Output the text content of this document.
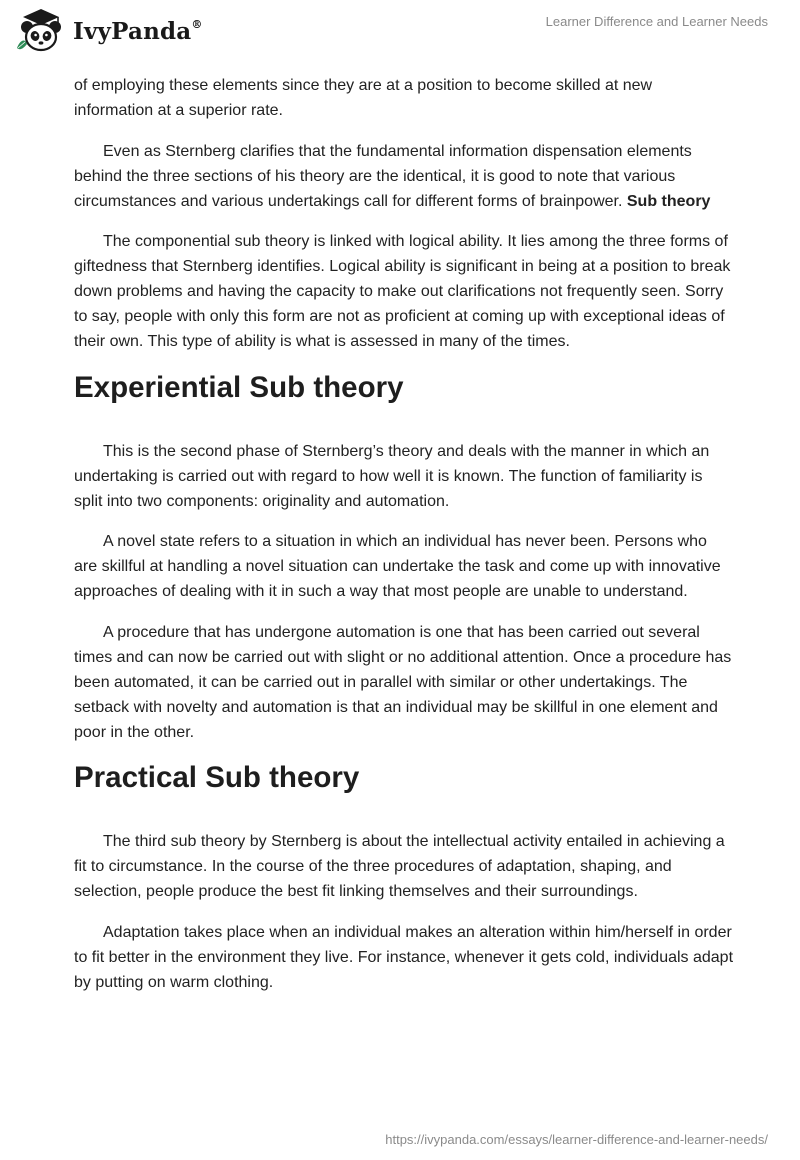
IvyPanda®	Learner Difference and Learner Needs

of employing these elements since they are at a position to become skilled at new information at a superior rate.

Even as Sternberg clarifies that the fundamental information dispensation elements behind the three sections of his theory are the identical, it is good to note that various circumstances and various undertakings call for different forms of brainpower. Sub theory

The componential sub theory is linked with logical ability. It lies among the three forms of giftedness that Sternberg identifies. Logical ability is significant in being at a position to break down problems and having the capacity to make out clarifications not frequently seen. Sorry to say, people with only this form are not as proficient at coming up with exceptional ideas of their own. This type of ability is what is assessed in many of the times.

Experiential Sub theory

This is the second phase of Sternberg’s theory and deals with the manner in which an undertaking is carried out with regard to how well it is known. The function of familiarity is split into two components: originality and automation.

A novel state refers to a situation in which an individual has never been. Persons who are skillful at handling a novel situation can undertake the task and come up with innovative approaches of dealing with it in such a way that most people are unable to understand.

A procedure that has undergone automation is one that has been carried out several times and can now be carried out with slight or no additional attention. Once a procedure has been automated, it can be carried out in parallel with similar or other undertakings. The setback with novelty and automation is that an individual may be skillful in one element and poor in the other.

Practical Sub theory

The third sub theory by Sternberg is about the intellectual activity entailed in achieving a fit to circumstance. In the course of the three procedures of adaptation, shaping, and selection, people produce the best fit linking themselves and their surroundings.

Adaptation takes place when an individual makes an alteration within him/herself in order to fit better in the environment they live. For instance, whenever it gets cold, individuals adapt by putting on warm clothing.

https://ivypanda.com/essays/learner-difference-and-learner-needs/
